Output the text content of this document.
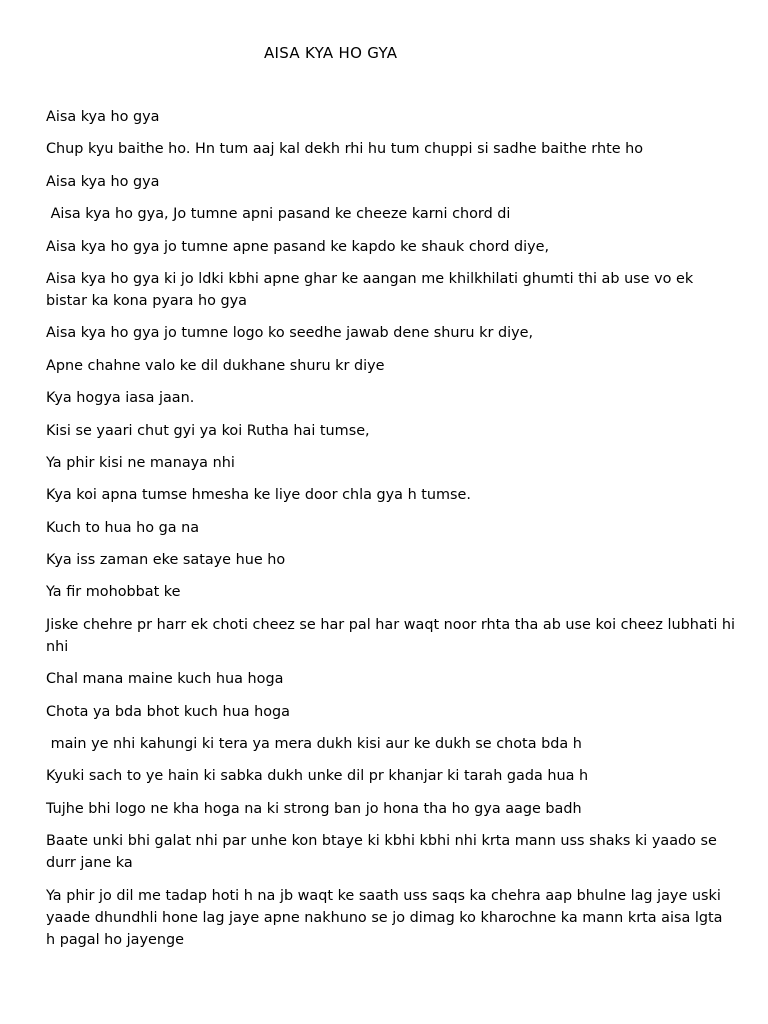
AISA KYA HO GYA

Aisa kya ho gya

Chup kyu baithe ho. Hn tum aaj kal dekh rhi hu tum chuppi si sadhe baithe rhte ho

Aisa kya ho gya

Aisa kya ho gya, Jo tumne apni pasand ke cheeze karni chord di

Aisa kya ho gya jo tumne apne pasand ke kapdo ke shauk chord diye,

Aisa kya ho gya ki jo ldki kbhi apne ghar ke aangan me khilkhilati ghumti thi ab use vo ek bistar ka kona pyara ho gya

Aisa kya ho gya jo tumne logo ko seedhe jawab dene shuru kr diye,

Apne chahne valo ke dil dukhane shuru kr diye

Kya hogya iasa jaan.

Kisi se yaari chut gyi ya koi Rutha hai tumse,

Ya phir kisi ne manaya nhi

Kya koi apna tumse hmesha ke liye door chla gya h tumse.

Kuch to hua ho ga na

Kya iss zaman eke sataye hue ho

Ya fir mohobbat ke

Jiske chehre pr harr ek choti cheez se har pal har waqt noor rhta tha ab use koi cheez lubhati hi nhi

Chal mana maine kuch hua hoga

Chota ya bda bhot kuch hua hoga

main ye nhi kahungi ki tera ya mera dukh kisi aur ke dukh se chota bda h

Kyuki sach to ye hain ki sabka dukh unke dil pr khanjar ki tarah gada hua h

Tujhe bhi logo ne kha hoga na ki strong ban jo hona tha ho gya aage badh

Baate unki bhi galat nhi par unhe kon btaye ki kbhi kbhi nhi krta mann uss shaks ki yaado se durr jane ka

Ya phir jo dil me tadap hoti h na jb waqt ke saath uss saqs ka chehra aap bhulne lag jaye uski yaade dhundhli hone lag jaye apne nakhuno se jo dimag ko kharochne ka mann krta aisa lgta h pagal ho jayenge
